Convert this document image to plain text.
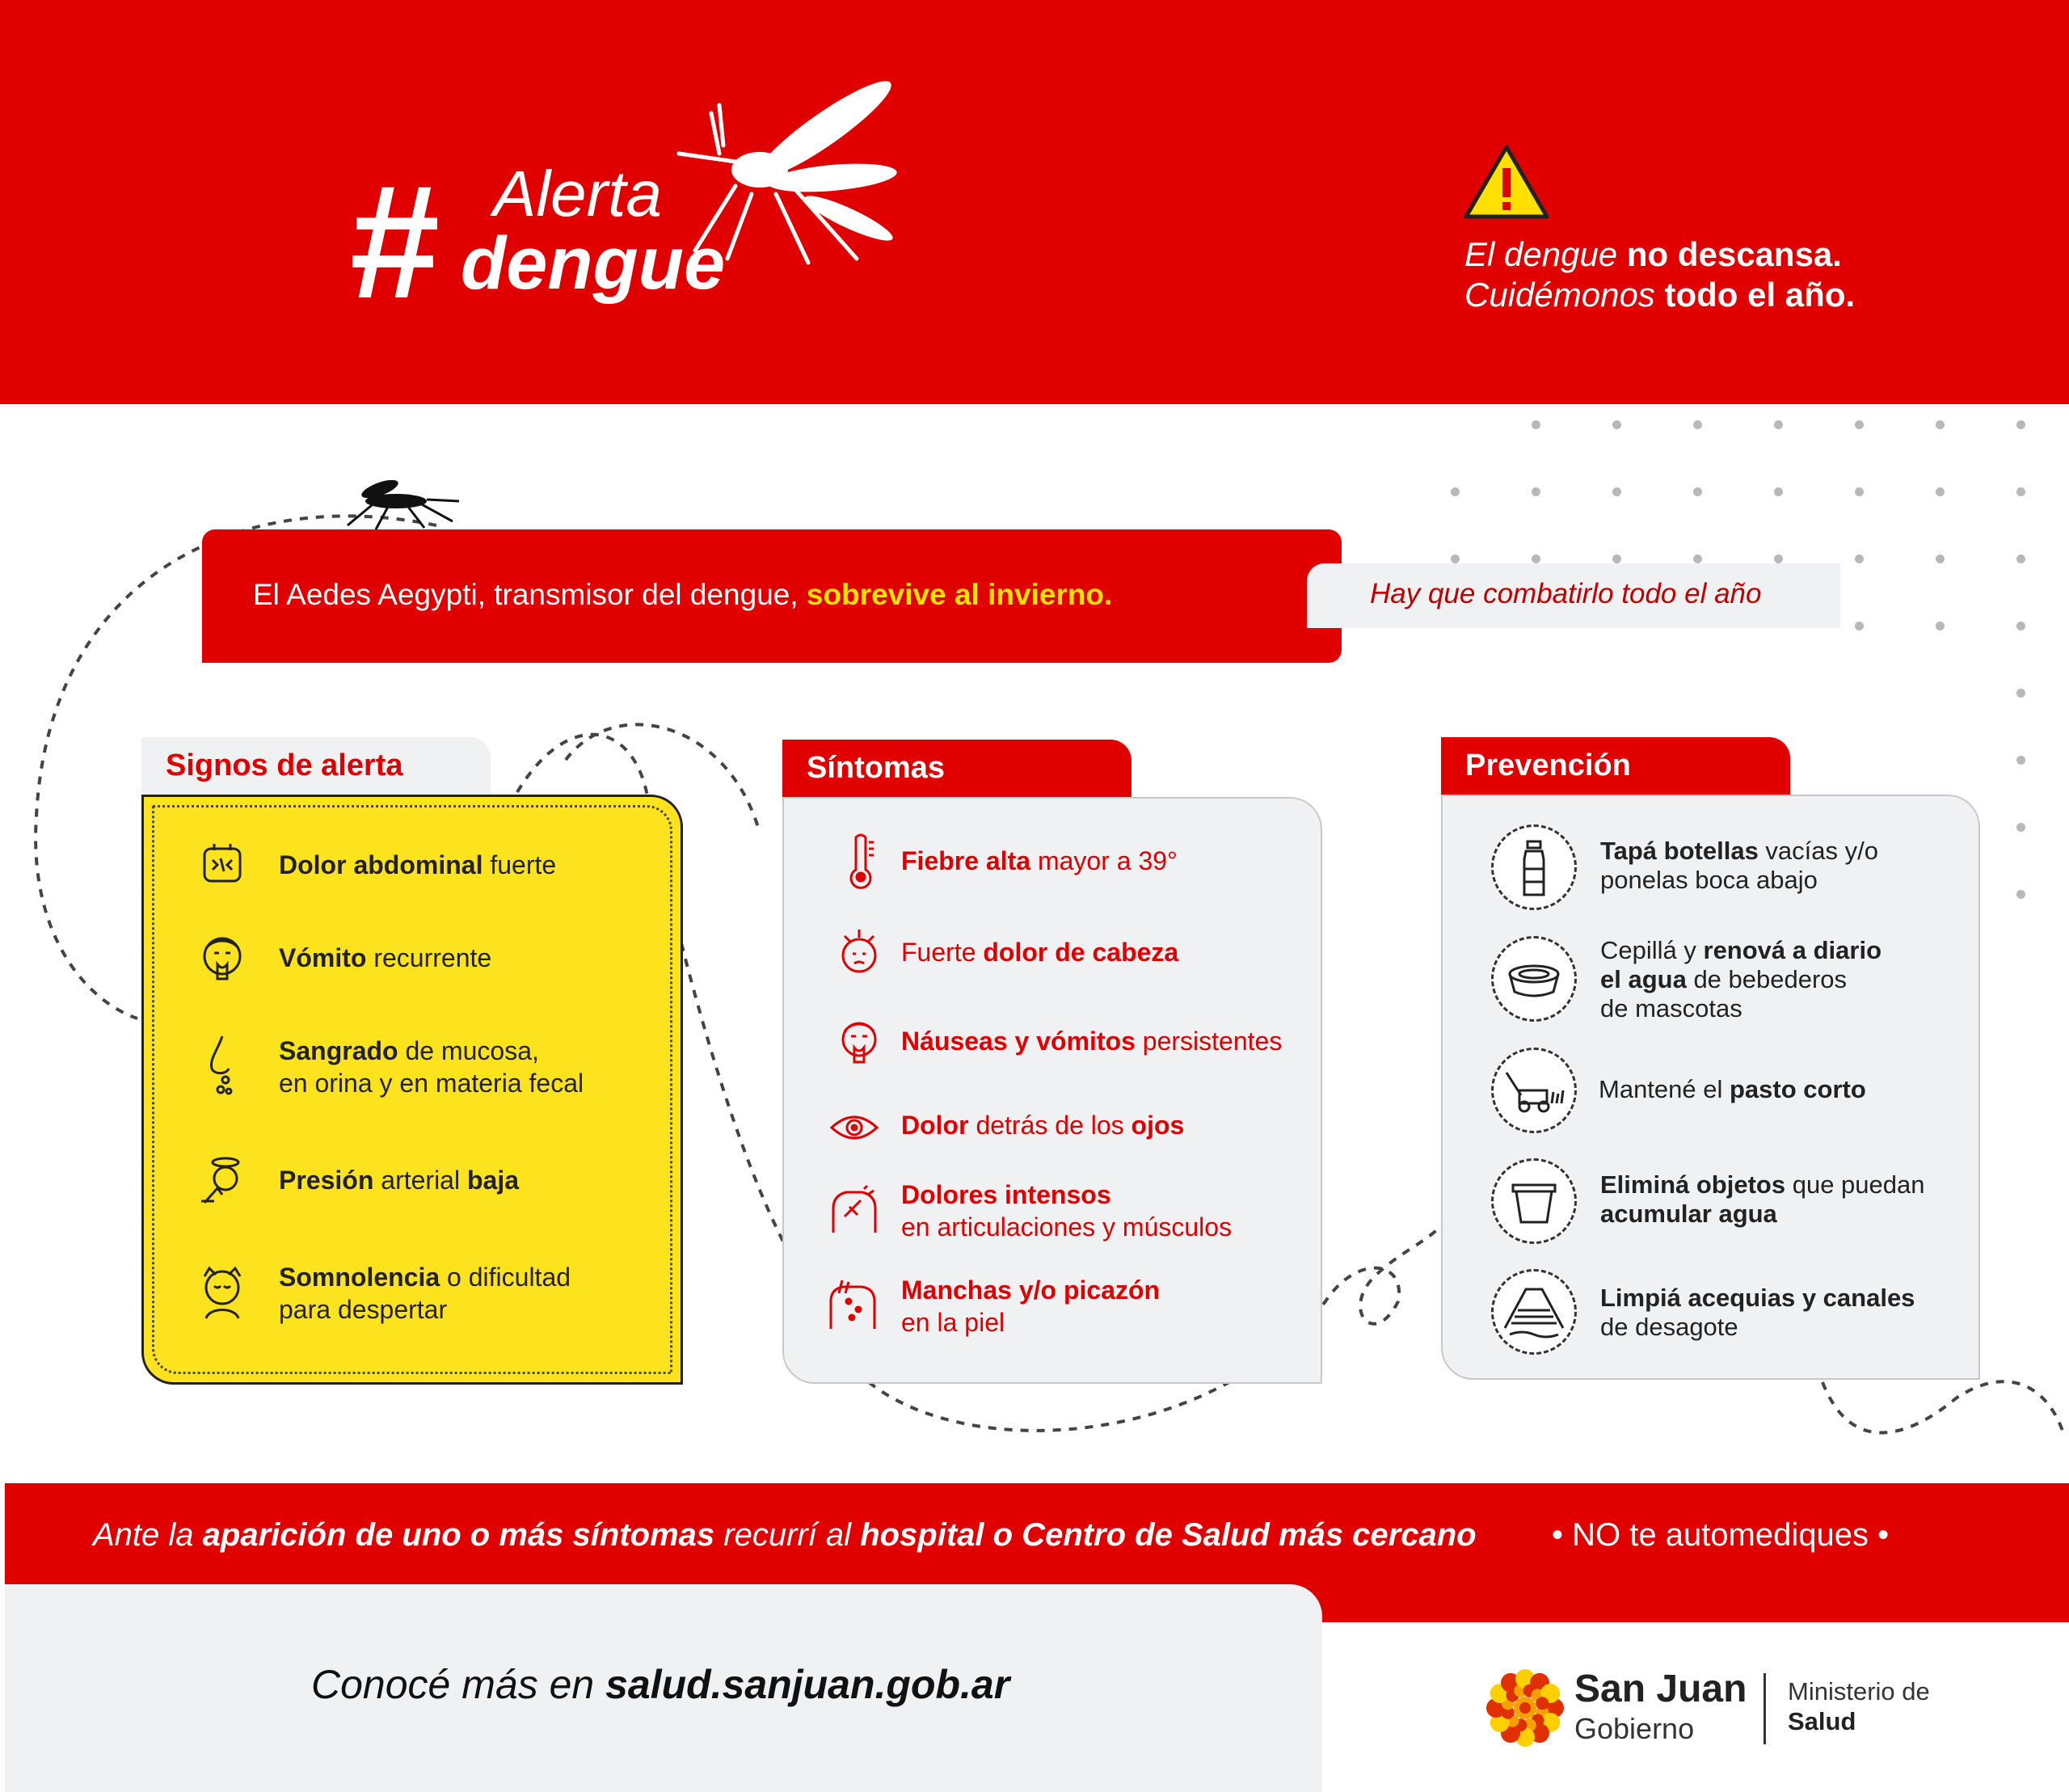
# Alerta
dengue	El dengue no descansa.
Cuidémonos todo el año.
El Aedes Aegypti, transmisor del dengue, sobrevive al invierno.	Hay que combatirlo todo el año
Signos de alerta
Dolor abdominal fuerte
Vómito recurrente
Sangrado de mucosa,
en orina y en materia fecal
Presión arterial baja
Somnolencia o dificultad
para despertar
Síntomas
Fiebre alta mayor a 39°
Fuerte dolor de cabeza
Náuseas y vómitos persistentes
Dolor detrás de los ojos
Dolores intensos
en articulaciones y músculos
Manchas y/o picazón
en la piel
Prevención
Tapá botellas vacías y/o
ponelas boca abajo
Cepillá y renová a diario
el agua de bebederos
de mascotas
Mantené el pasto corto
Eliminá objetos que puedan
acumular agua
Limpiá acequias y canales
de desagote
Ante la aparición de uno o más síntomas recurrí al hospital o Centro de Salud más cercano • NO te automediques •
Conocé más en salud.sanjuan.gob.ar	San Juan
Gobierno
Ministerio de
Salud
